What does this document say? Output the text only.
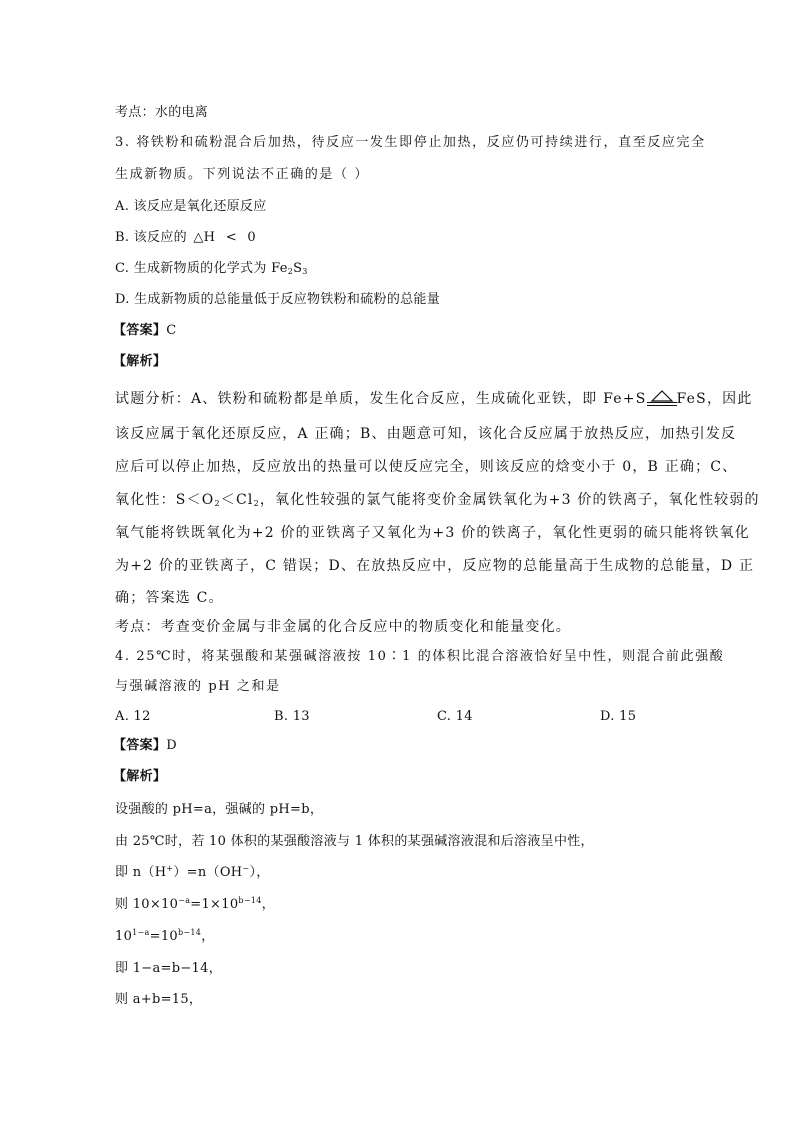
考点：水的电离
3. 将铁粉和硫粉混合后加热，待反应一发生即停止加热，反应仍可持续进行，直至反应完全
生成新物质。下列说法不正确的是（ ）
A. 该反应是氧化还原反应
B. 该反应的 △H < 0
C. 生成新物质的化学式为 $Fe_2S_3$
D. 生成新物质的总能量低于反应物铁粉和硫粉的总能量
【答案】C
【解析】
试题分析：A、铁粉和硫粉都是单质，发生化合反应，生成硫化亚铁，即 Fe+S FeS，因此
该反应属于氧化还原反应，A 正确；B、由题意可知，该化合反应属于放热反应，加热引发反
应后可以停止加热，反应放出的热量可以使反应完全，则该反应的焓变小于 0，B 正确；C、
氧化性：$S<O_2<Cl_2$，氧化性较强的氯气能将变价金属铁氧化为+3 价的铁离子，氧化性较弱的
氧气能将铁既氧化为+2 价的亚铁离子又氧化为+3 价的铁离子，氧化性更弱的硫只能将铁氧化
为+2 价的亚铁离子，C 错误；D、在放热反应中，反应物的总能量高于生成物的总能量，D 正
确；答案选 C。
考点：考查变价金属与非金属的化合反应中的物质变化和能量变化。
4. 25℃时，将某强酸和某强碱溶液按 10∶1 的体积比混合溶液恰好呈中性，则混合前此强酸
与强碱溶液的 pH 之和是
A. 12	B. 13	C. 14	D. 15
【答案】D
【解析】
设强酸的 pH=a，强碱的 pH=b，
由 25℃时，若 10 体积的某强酸溶液与 1 体积的某强碱溶液混和后溶液呈中性，
即 n（H+）=n（OH−），
则 $10\times 10^{-a}=1\times 10^{b-14}$，
$10^{1-a}=10^{b-14}$，
即 1−a=b−14，
则 a+b=15，
